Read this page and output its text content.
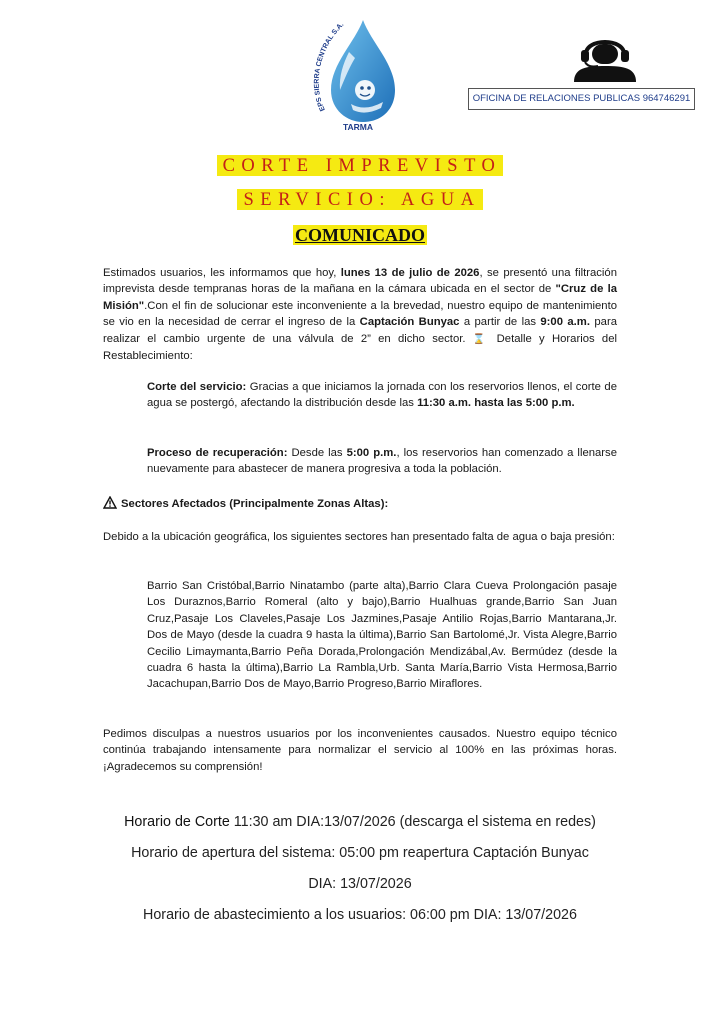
EPS SIERRA CENTRAL S.A.
TARMA
OFICINA DE RELACIONES PUBLICAS 964746291
CORTE IMPREVISTO
SERVICIO: AGUA
COMUNICADO
Estimados usuarios, les informamos que hoy, lunes 13 de julio de 2026, se presentó una filtración imprevista desde tempranas horas de la mañana en la cámara ubicada en el sector de "Cruz de la Misión".Con el fin de solucionar este inconveniente a la brevedad, nuestro equipo de mantenimiento se vio en la necesidad de cerrar el ingreso de la Captación Bunyac a partir de las 9:00 a.m. para realizar el cambio urgente de una válvula de 2” en dicho sector. ⌛ Detalle y Horarios del Restablecimiento:
Corte del servicio: Gracias a que iniciamos la jornada con los reservorios llenos, el corte de agua se postergó, afectando la distribución desde las 11:30 a.m. hasta las 5:00 p.m.
Proceso de recuperación: Desde las 5:00 p.m., los reservorios han comenzado a llenarse nuevamente para abastecer de manera progresiva a toda la población.
Sectores Afectados (Principalmente Zonas Altas):
Debido a la ubicación geográfica, los siguientes sectores han presentado falta de agua o baja presión:
Barrio San Cristóbal,Barrio Ninatambo (parte alta),Barrio Clara Cueva Prolongación pasaje Los Duraznos,Barrio Romeral (alto y bajo),Barrio Hualhuas grande,Barrio San Juan Cruz,Pasaje Los Claveles,Pasaje Los Jazmines,Pasaje Antilio Rojas,Barrio Mantarana,Jr. Dos de Mayo (desde la cuadra 9 hasta la última),Barrio San Bartolomé,Jr. Vista Alegre,Barrio Cecilio Limaymanta,Barrio Peña Dorada,Prolongación Mendizábal,Av. Bermúdez (desde la cuadra 6 hasta la última),Barrio La Rambla,Urb. Santa María,Barrio Vista Hermosa,Barrio Jacachupan,Barrio Dos de Mayo,Barrio Progreso,Barrio Miraflores.
Pedimos disculpas a nuestros usuarios por los inconvenientes causados. Nuestro equipo técnico continúa trabajando intensamente para normalizar el servicio al 100% en las próximas horas. ¡Agradecemos su comprensión!
Horario de Corte 11:30 am DIA:13/07/2026 (descarga el sistema en redes)
Horario de apertura del sistema: 05:00 pm reapertura Captación Bunyac
DIA: 13/07/2026
Horario de abastecimiento a los usuarios: 06:00 pm DIA: 13/07/2026
